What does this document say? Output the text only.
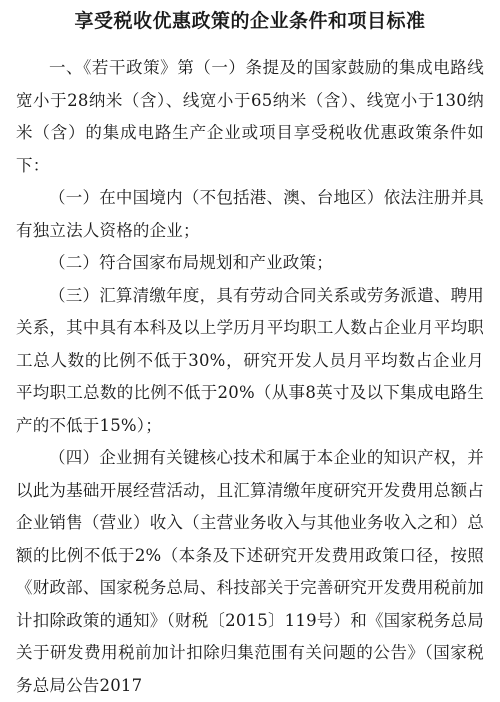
享受税收优惠政策的企业条件和项目标准

一、《若干政策》第（一）条提及的国家鼓励的集成电路线宽小于28纳米（含）、线宽小于65纳米（含）、线宽小于130纳米（含）的集成电路生产企业或项目享受税收优惠政策条件如下：

（一）在中国境内（不包括港、澳、台地区）依法注册并具有独立法人资格的企业；

（二）符合国家布局规划和产业政策；

（三）汇算清缴年度，具有劳动合同关系或劳务派遣、聘用关系，其中具有本科及以上学历月平均职工人数占企业月平均职工总人数的比例不低于30%，研究开发人员月平均数占企业月平均职工总数的比例不低于20%（从事8英寸及以下集成电路生产的不低于15%）；

（四）企业拥有关键核心技术和属于本企业的知识产权，并以此为基础开展经营活动，且汇算清缴年度研究开发费用总额占企业销售（营业）收入（主营业务收入与其他业务收入之和）总额的比例不低于2%（本条及下述研究开发费用政策口径，按照《财政部、国家税务总局、科技部关于完善研究开发费用税前加计扣除政策的通知》（财税〔2015〕119号）和《国家税务总局关于研发费用税前加计扣除归集范围有关问题的公告》（国家税务总局公告2017
